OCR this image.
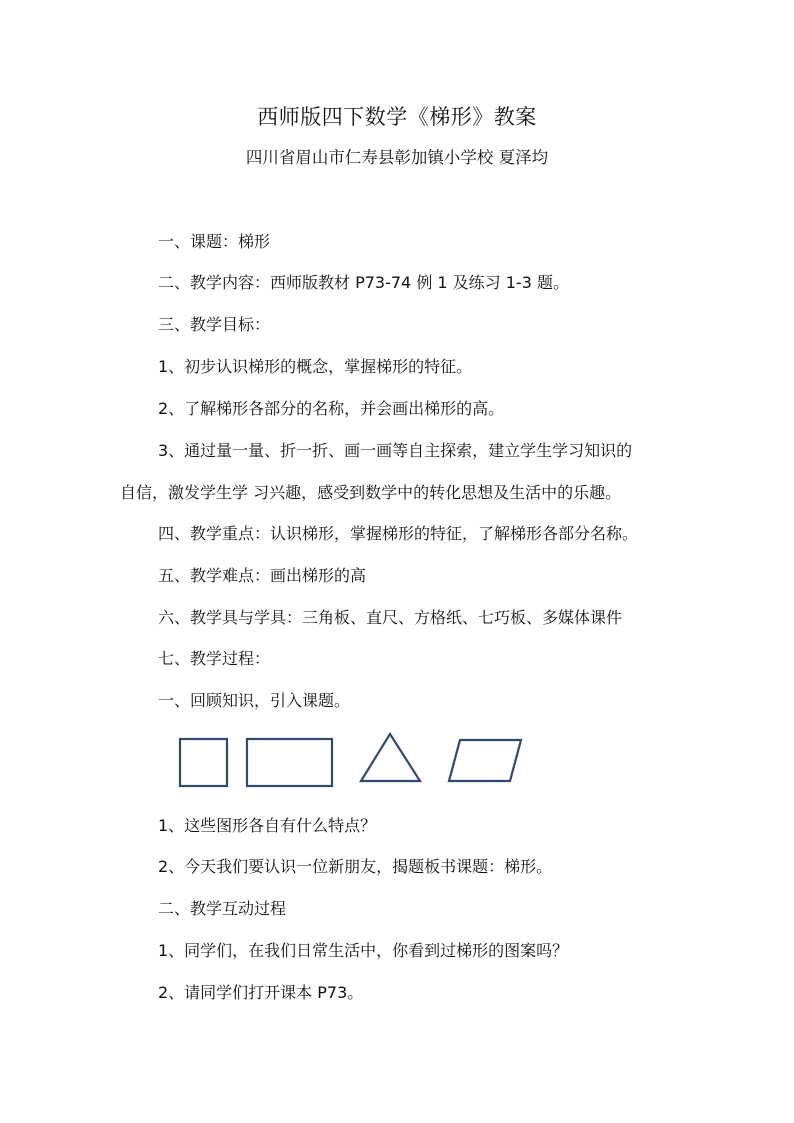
西师版四下数学《梯形》教案
四川省眉山市仁寿县彰加镇小学校 夏泽均
一、课题：梯形
二、教学内容：西师版教材 P73-74 例 1 及练习 1-3 题。
三、教学目标：
1、初步认识梯形的概念，掌握梯形的特征。
2、了解梯形各部分的名称，并会画出梯形的高。
3、通过量一量、折一折、画一画等自主探索，建立学生学习知识的
自信，激发学生学 习兴趣，感受到数学中的转化思想及生活中的乐趣。
四、教学重点：认识梯形，掌握梯形的特征，了解梯形各部分名称。
五、教学难点：画出梯形的高
六、教学具与学具：三角板、直尺、方格纸、七巧板、多媒体课件
七、教学过程：
一、回顾知识，引入课题。
1、这些图形各自有什么特点？
2、今天我们要认识一位新朋友，揭题板书课题：梯形。
二、教学互动过程
1、同学们，在我们日常生活中，你看到过梯形的图案吗？
2、请同学们打开课本 P73。
